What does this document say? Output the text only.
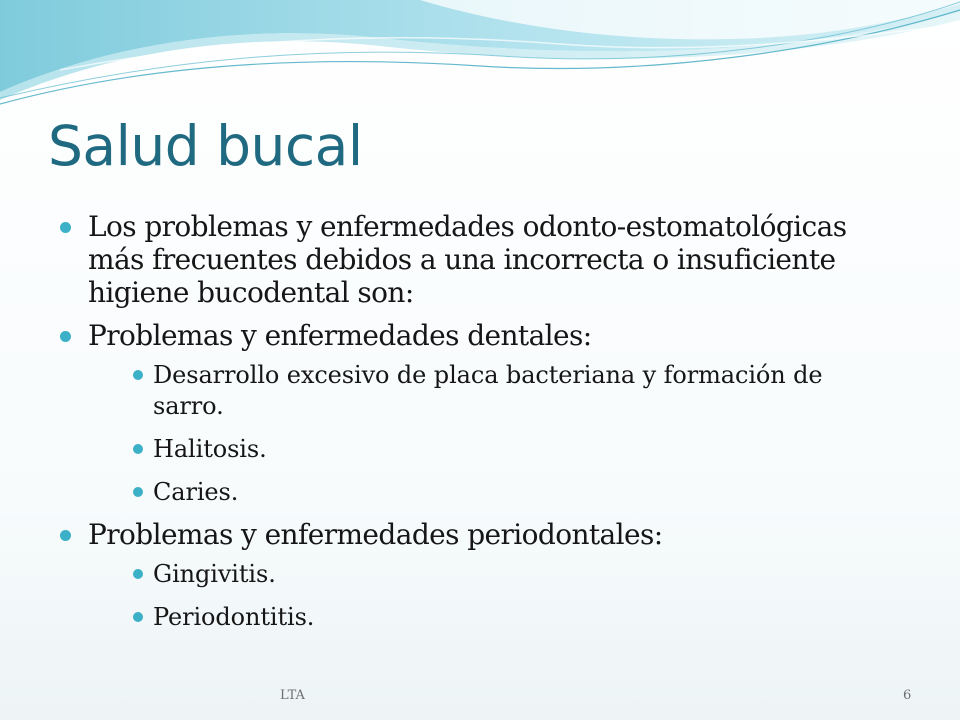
Salud bucal
Los problemas y enfermedades odonto-estomatológicas más frecuentes debidos a una incorrecta o insuficiente higiene bucodental son:
Problemas y enfermedades dentales:
Desarrollo excesivo de placa bacteriana y formación de sarro.
Halitosis.
Caries.
Problemas y enfermedades periodontales:
Gingivitis.
Periodontitis.
LTA	6
